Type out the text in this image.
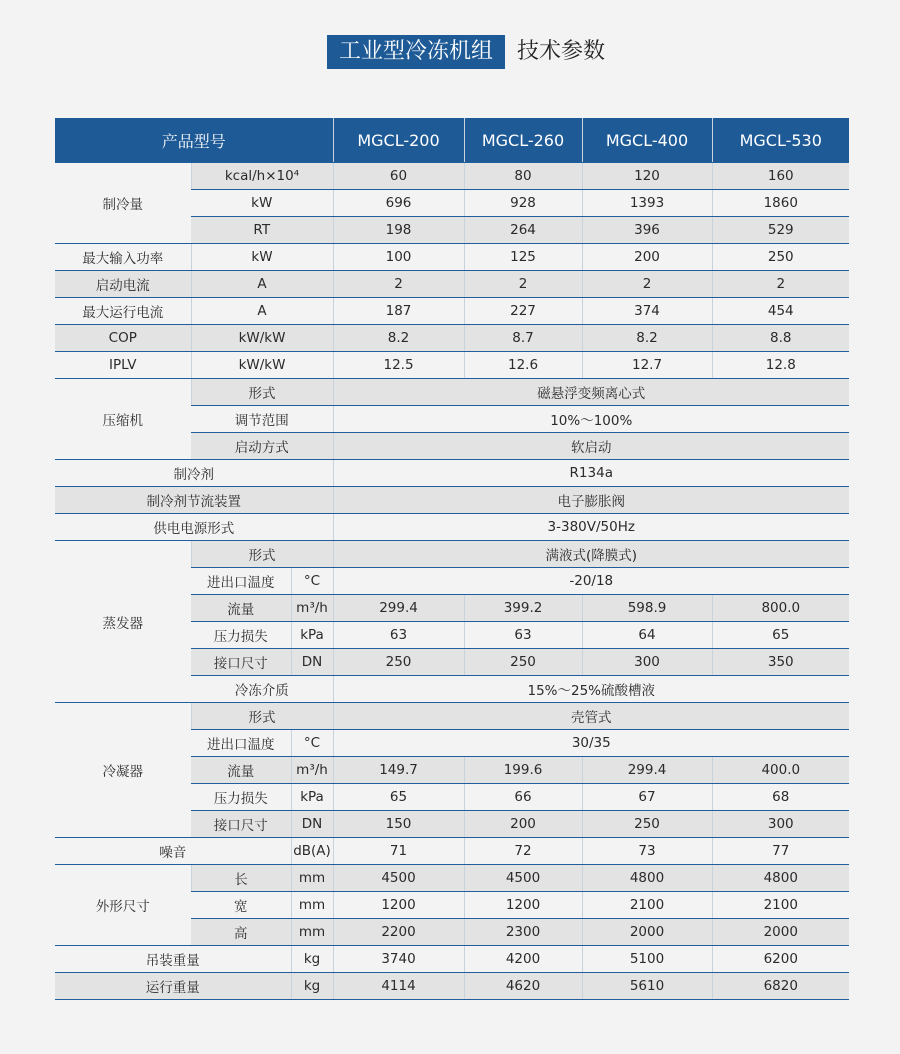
工业型冷冻机组	技术参数
产品型号			MGCL-200	MGCL-260	MGCL-400	MGCL-530
制冷量	kcal/h×10⁴		60	80	120	160
	kW		696	928	1393	1860
	RT		198	264	396	529
最大输入功率	kW		100	125	200	250
启动电流	A		2	2	2	2
最大运行电流	A		187	227	374	454
COP	kW/kW		8.2	8.7	8.2	8.8
IPLV	kW/kW		12.5	12.6	12.7	12.8
压缩机	形式		磁悬浮变频离心式			
	调节范围		10%～100%			
	启动方式		软启动			
制冷剂			R134a			
制冷剂节流装置			电子膨胀阀			
供电电源形式			3-380V/50Hz			
蒸发器	形式		满液式(降膜式)			
	进出口温度	°C	-20/18			
	流量	m³/h	299.4	399.2	598.9	800.0
	压力损失	kPa	63	63	64	65
	接口尺寸	DN	250	250	300	350
	冷冻介质		15%～25%硫酸槽液			
冷凝器	形式		壳管式			
	进出口温度	°C	30/35			
	流量	m³/h	149.7	199.6	299.4	400.0
	压力损失	kPa	65	66	67	68
	接口尺寸	DN	150	200	250	300
噪音		dB(A)	71	72	73	77
外形尺寸	长	mm	4500	4500	4800	4800
	宽	mm	1200	1200	2100	2100
	高	mm	2200	2300	2000	2000
吊装重量		kg	3740	4200	5100	6200
运行重量		kg	4114	4620	5610	6820
